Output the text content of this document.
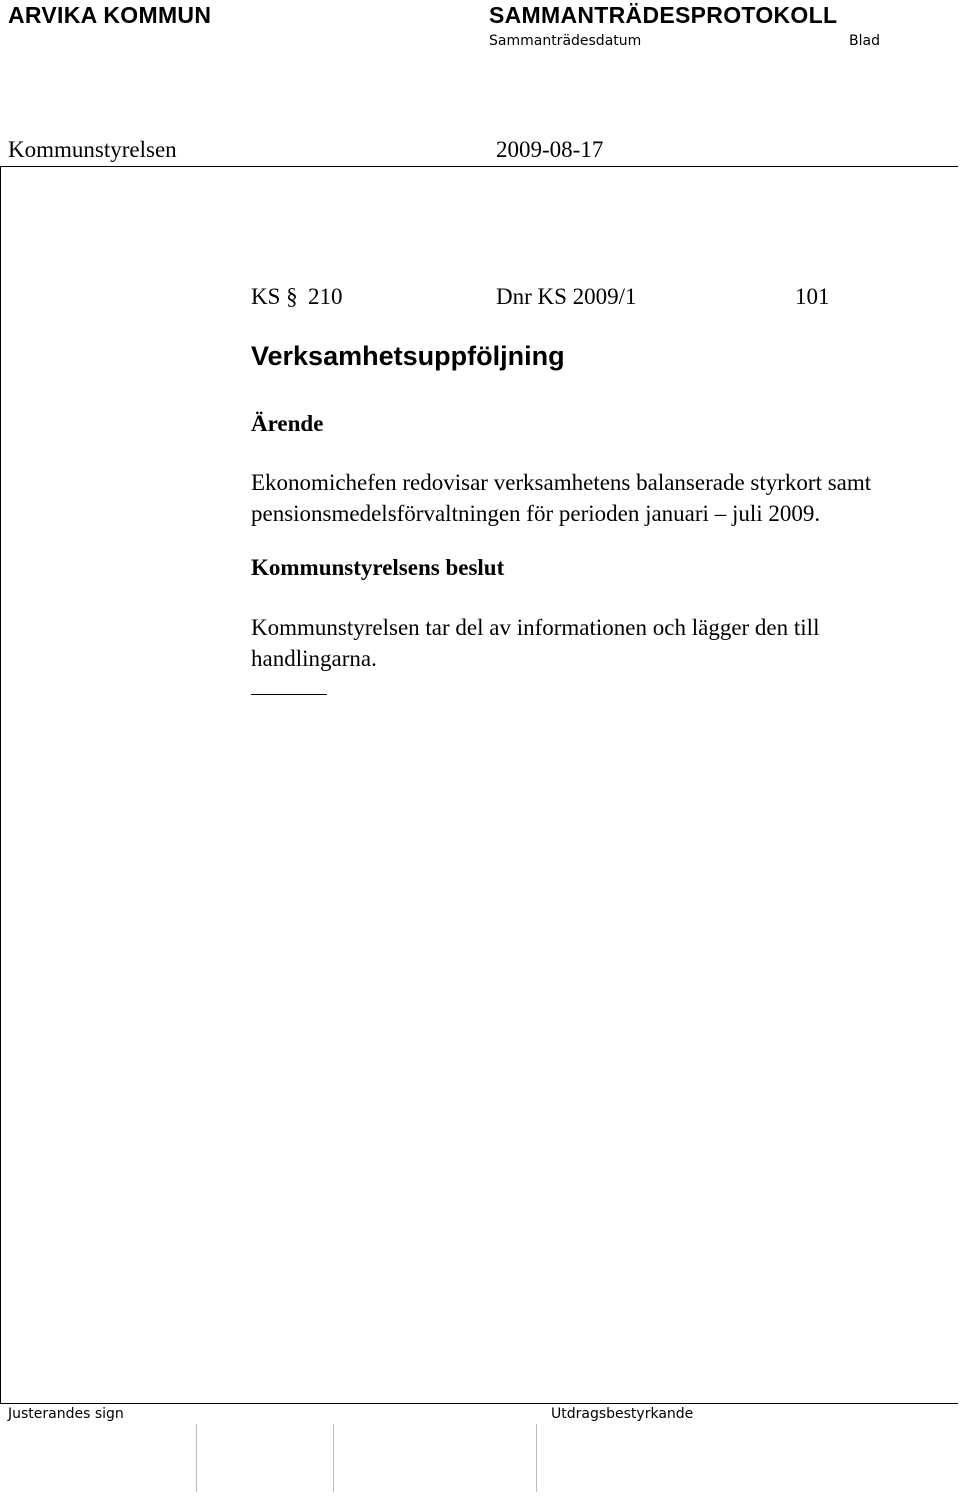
ARVIKA KOMMUN	SAMMANTRÄDESPROTOKOLL
Sammanträdesdatum	Blad
Kommunstyrelsen	2009-08-17
KS § 210	Dnr KS 2009/1	101
Verksamhetsuppföljning
Ärende
Ekonomichefen redovisar verksamhetens balanserade styrkort samt
pensionsmedelsförvaltningen för perioden januari – juli 2009.
Kommunstyrelsens beslut
Kommunstyrelsen tar del av informationen och lägger den till
handlingarna.
Justerandes sign	Utdragsbestyrkande
